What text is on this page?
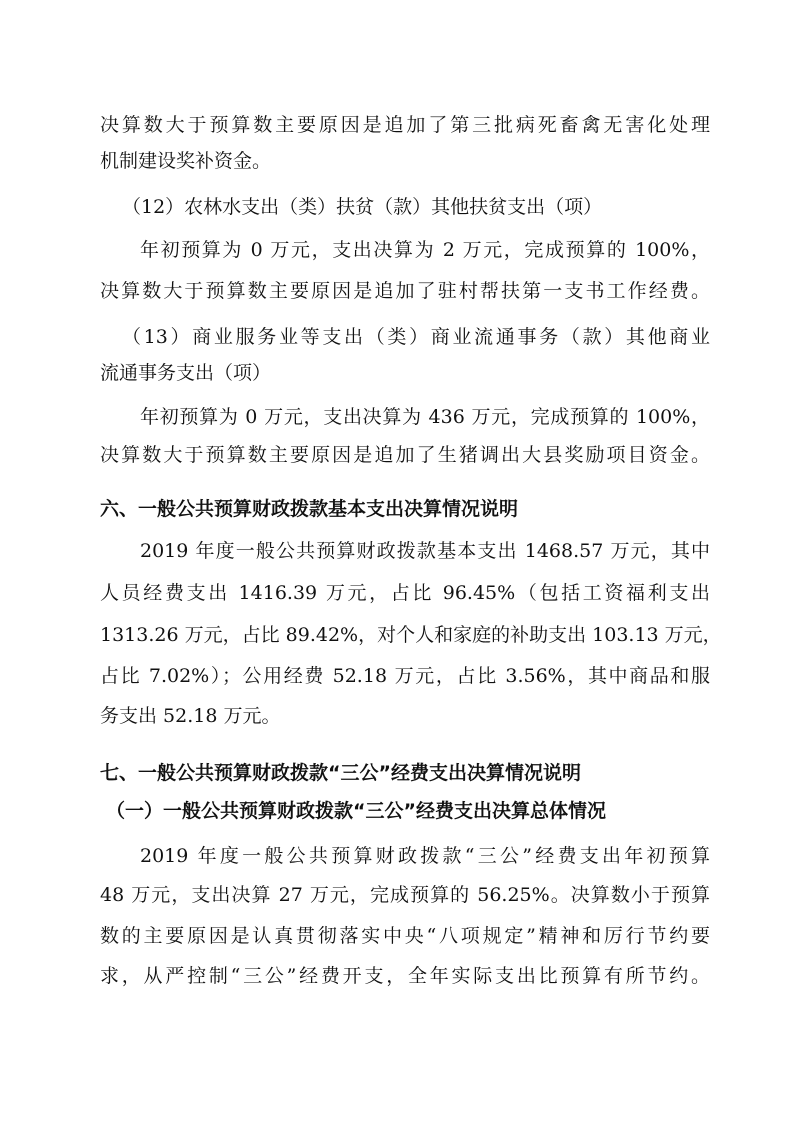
决算数大于预算数主要原因是追加了第三批病死畜禽无害化处理
机制建设奖补资金。
（12）农林水支出（类）扶贫（款）其他扶贫支出（项）
年初预算为 0 万元，支出决算为 2 万元，完成预算的 100%，
决算数大于预算数主要原因是追加了驻村帮扶第一支书工作经费。
（13）商业服务业等支出（类）商业流通事务（款）其他商业
流通事务支出（项）
年初预算为 0 万元，支出决算为 436 万元，完成预算的 100%，
决算数大于预算数主要原因是追加了生猪调出大县奖励项目资金。
六、一般公共预算财政拨款基本支出决算情况说明
2019 年度一般公共预算财政拨款基本支出 1468.57 万元，其中
人员经费支出 1416.39 万元，占比 96.45%（包括工资福利支出
1313.26 万元，占比 89.42%，对个人和家庭的补助支出 103.13 万元，
占比 7.02%）；公用经费 52.18 万元，占比 3.56%，其中商品和服
务支出 52.18 万元。
七、一般公共预算财政拨款“三公”经费支出决算情况说明
（一）一般公共预算财政拨款“三公”经费支出决算总体情况
2019 年度一般公共预算财政拨款“三公”经费支出年初预算
48 万元，支出决算 27 万元，完成预算的 56.25%。决算数小于预算
数的主要原因是认真贯彻落实中央“八项规定”精神和厉行节约要
求，从严控制“三公”经费开支，全年实际支出比预算有所节约。
